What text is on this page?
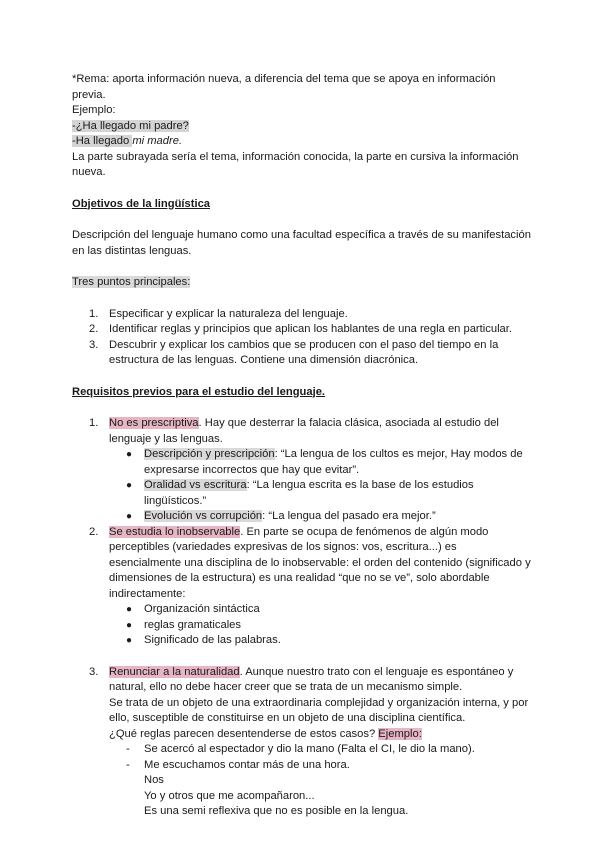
*Rema: aporta información nueva, a diferencia del tema que se apoya en información
previa.
Ejemplo:
-¿Ha llegado mi padre?
-Ha llegado mi madre.
La parte subrayada sería el tema, información conocida, la parte en cursiva la información
nueva.
Objetivos de la lingüística
Descripción del lenguaje humano como una facultad específica a través de su manifestación
en las distintas lenguas.
Tres puntos principales:
1. Especificar y explicar la naturaleza del lenguaje.
2. Identificar reglas y principios que aplican los hablantes de una regla en particular.
3. Descubrir y explicar los cambios que se producen con el paso del tiempo en la
estructura de las lenguas. Contiene una dimensión diacrónica.
Requisitos previos para el estudio del lenguaje.
1. No es prescriptiva. Hay que desterrar la falacia clásica, asociada al estudio del
lenguaje y las lenguas.
● Descripción y prescripción: “La lengua de los cultos es mejor, Hay modos de
expresarse incorrectos que hay que evitar”.
● Oralidad vs escritura: “La lengua escrita es la base de los estudios
lingüísticos.”
● Evolución vs corrupción: “La lengua del pasado era mejor.”
2. Se estudia lo inobservable. En parte se ocupa de fenómenos de algún modo
perceptibles (variedades expresivas de los signos: vos, escritura...) es
esencialmente una disciplina de lo inobservable: el orden del contenido (significado y
dimensiones de la estructura) es una realidad “que no se ve”, solo abordable
indirectamente:
● Organización sintáctica
● reglas gramaticales
● Significado de las palabras.
3. Renunciar a la naturalidad. Aunque nuestro trato con el lenguaje es espontáneo y
natural, ello no debe hacer creer que se trata de un mecanismo simple.
Se trata de un objeto de una extraordinaria complejidad y organización interna, y por
ello, susceptible de constituirse en un objeto de una disciplina científica.
¿Qué reglas parecen desentenderse de estos casos? Ejemplo:
- Se acercó al espectador y dio la mano (Falta el CI, le dio la mano).
- Me escuchamos contar más de una hora.
Nos
Yo y otros que me acompañaron...
Es una semi reflexiva que no es posible en la lengua.
